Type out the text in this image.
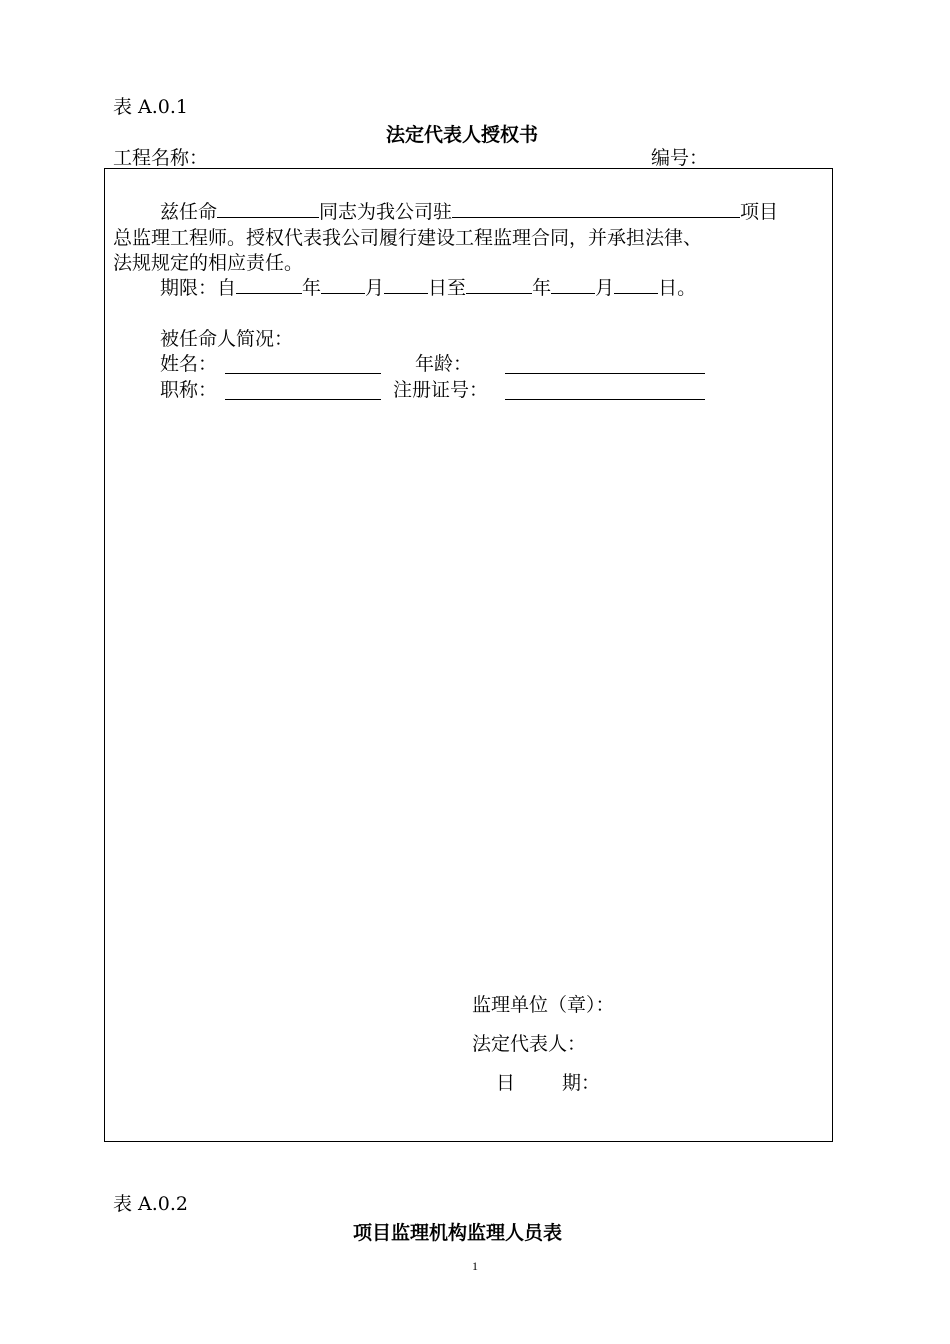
表 A.0.1
法定代表人授权书
工程名称：	编号：
兹任命	同志为我公司驻	项目
总监理工程师。授权代表我公司履行建设工程监理合同，并承担法律、
法规规定的相应责任。
期限：自	年 月 日至	年 月 日。
被任命人简况：
姓名：	年龄：
职称：	注册证号：
监理单位（章）：
法定代表人：
日 期：
表 A.0.2
项目监理机构监理人员表
1
